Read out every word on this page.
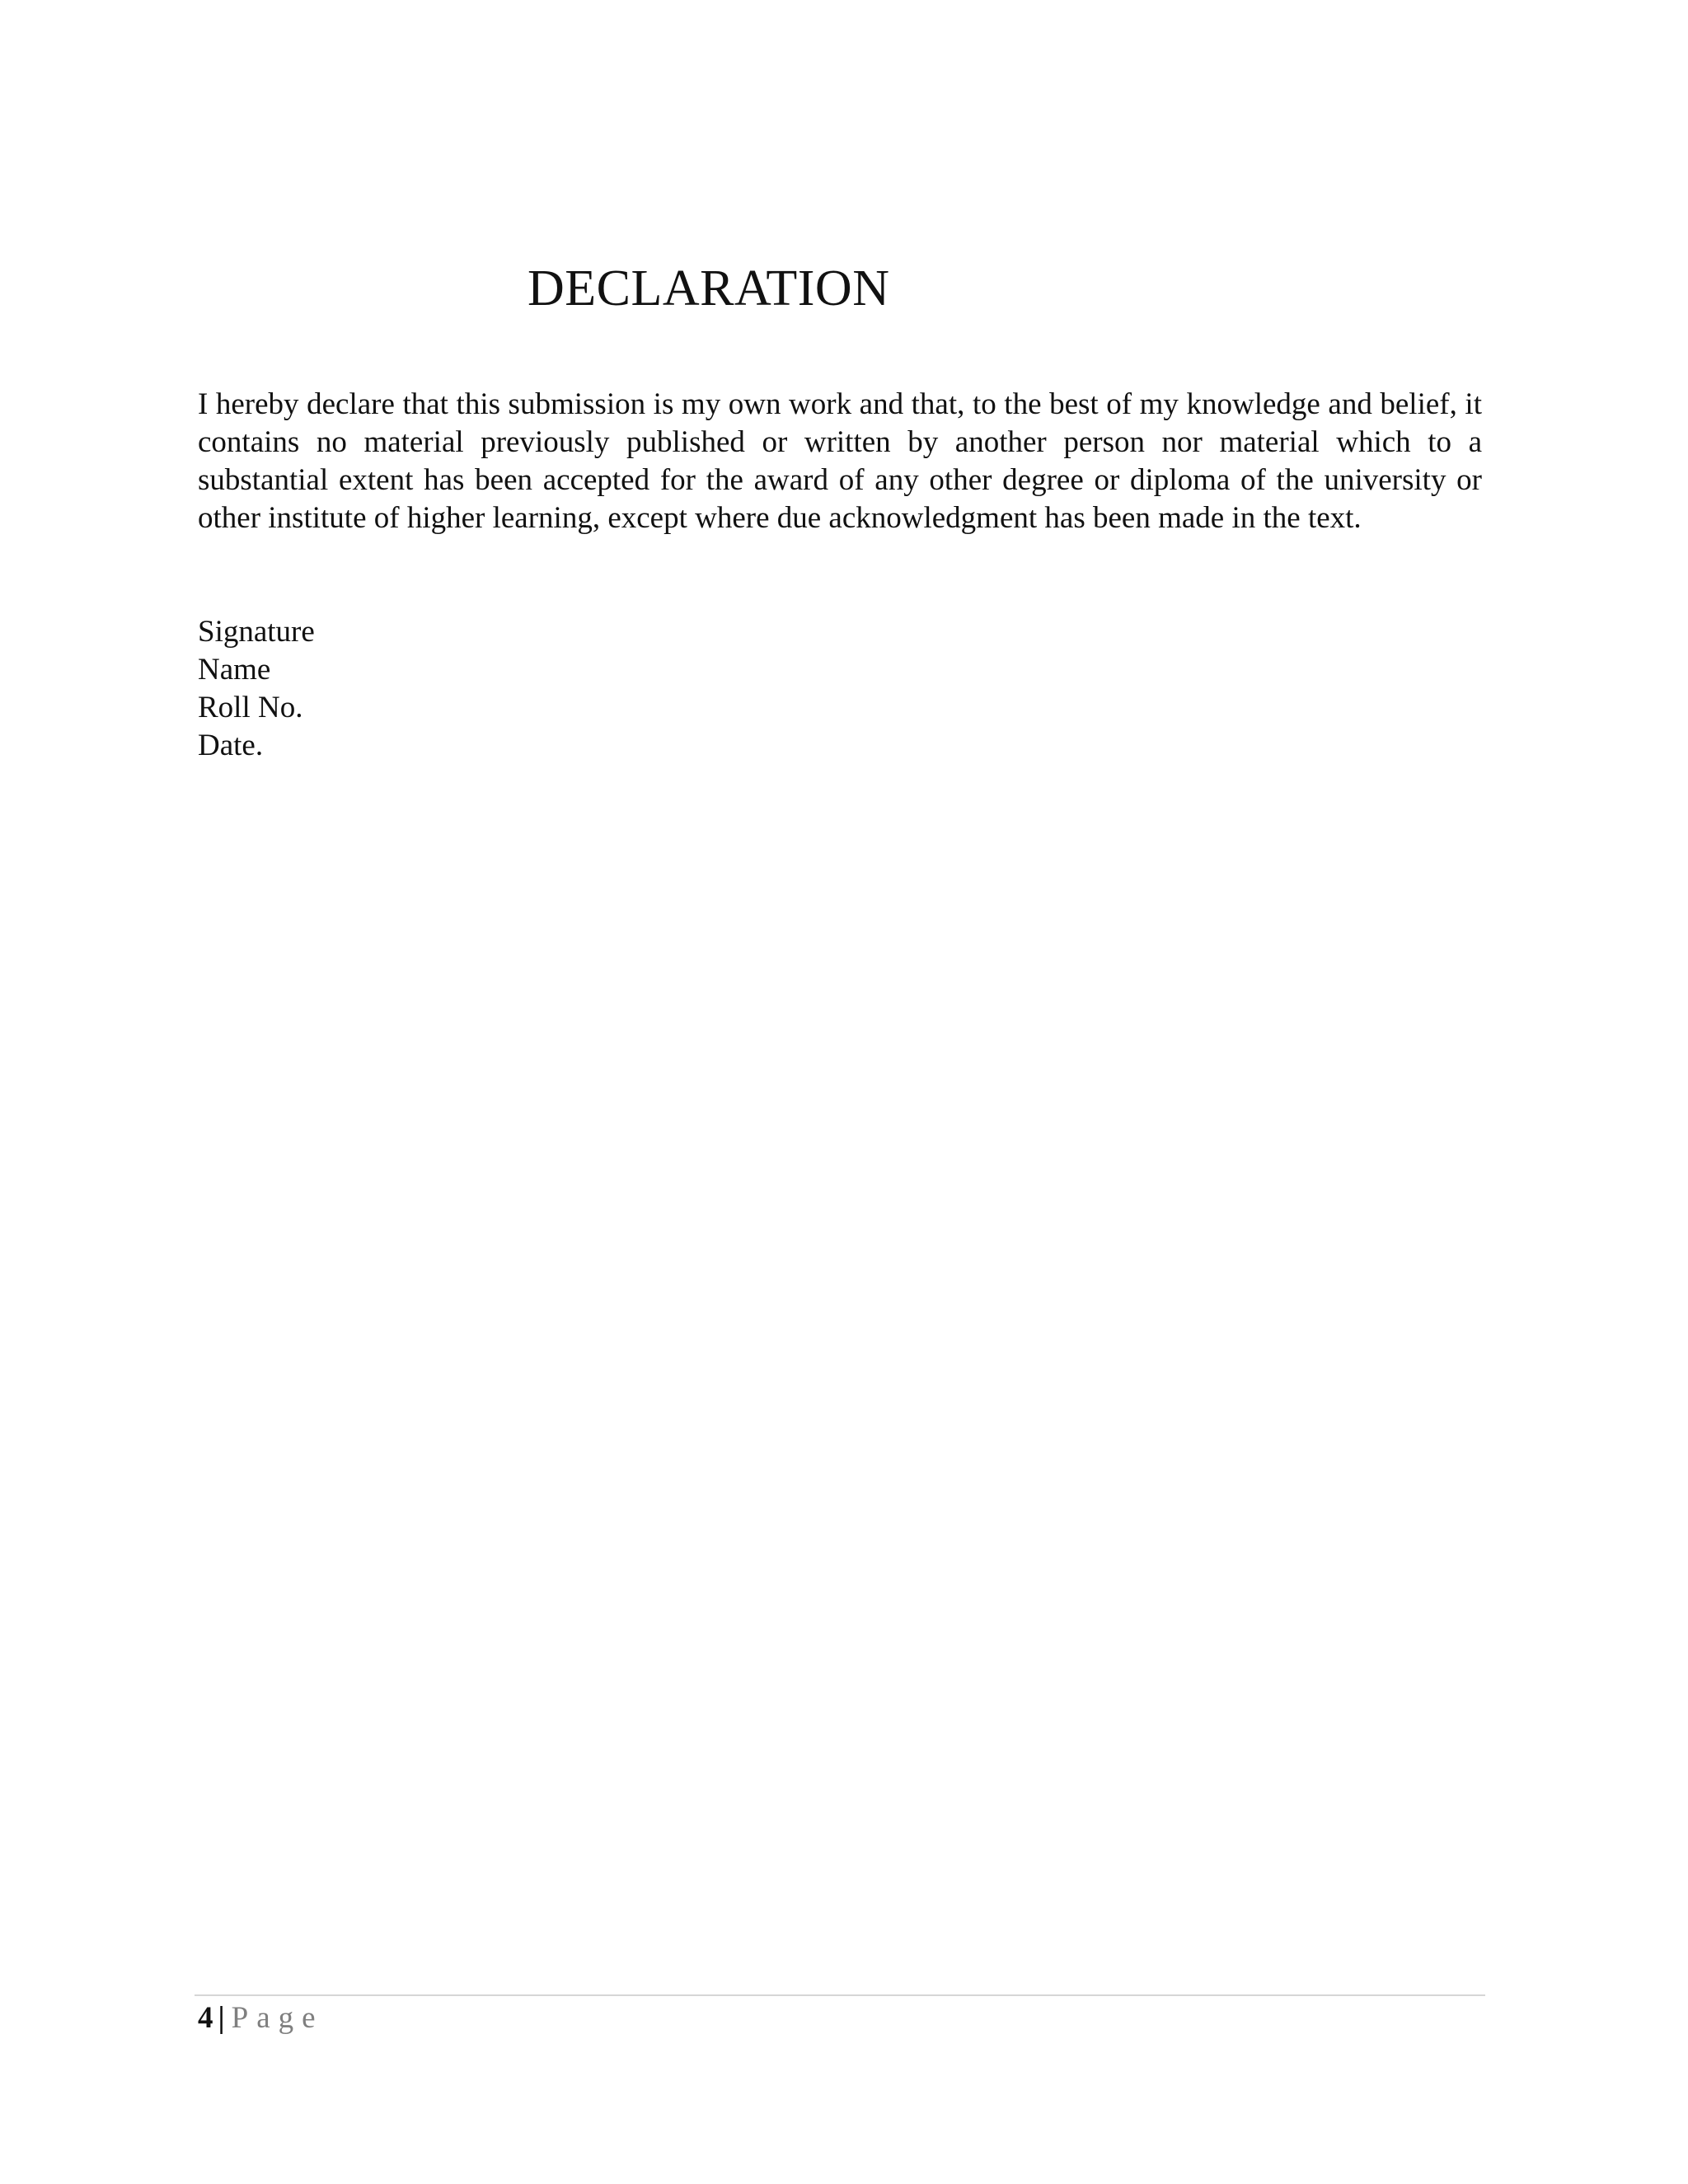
DECLARATION

I hereby declare that this submission is my own work and that, to the best of my knowledge and belief, it contains no material previously published or written by another person nor material which to a substantial extent has been accepted for the award of any other degree or diploma of the university or other institute of higher learning, except where due acknowledgment has been made in the text.

Signature
Name
Roll No.
Date.
4 | Page
